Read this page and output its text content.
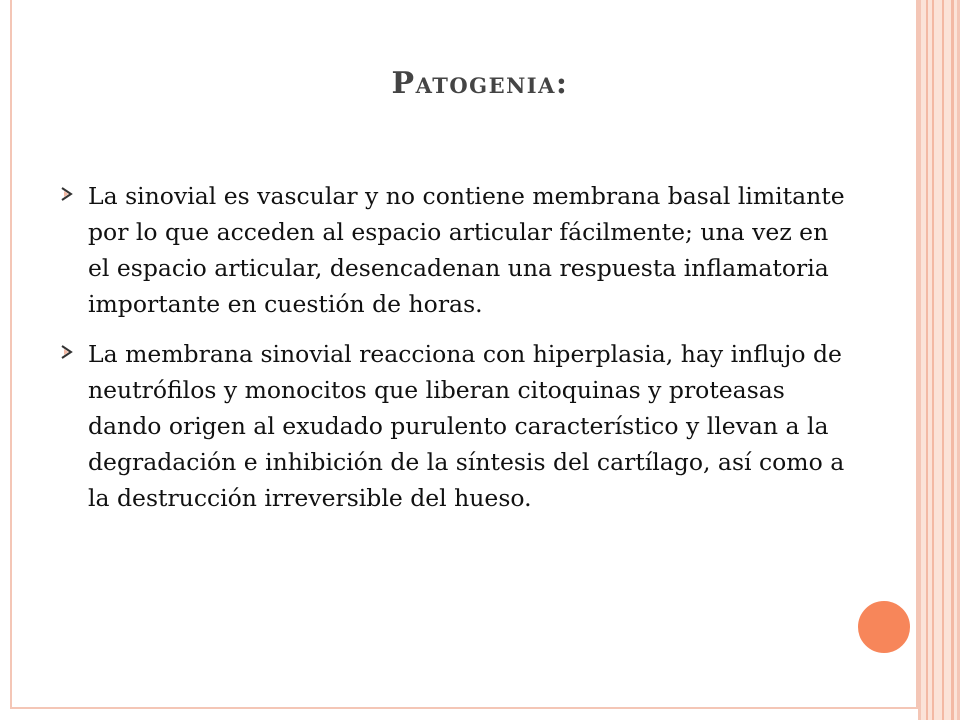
Patogenia:
La sinovial es vascular y no contiene membrana basal limitante por lo que acceden al espacio articular fácilmente; una vez en el espacio articular, desencadenan una respuesta inflamatoria importante en cuestión de horas.
La membrana sinovial reacciona con hiperplasia, hay influjo de neutrófilos y monocitos que liberan citoquinas y proteasas dando origen al exudado purulento característico y llevan a la degradación e inhibición de la síntesis del cartílago, así como a la destrucción irreversible del hueso.
